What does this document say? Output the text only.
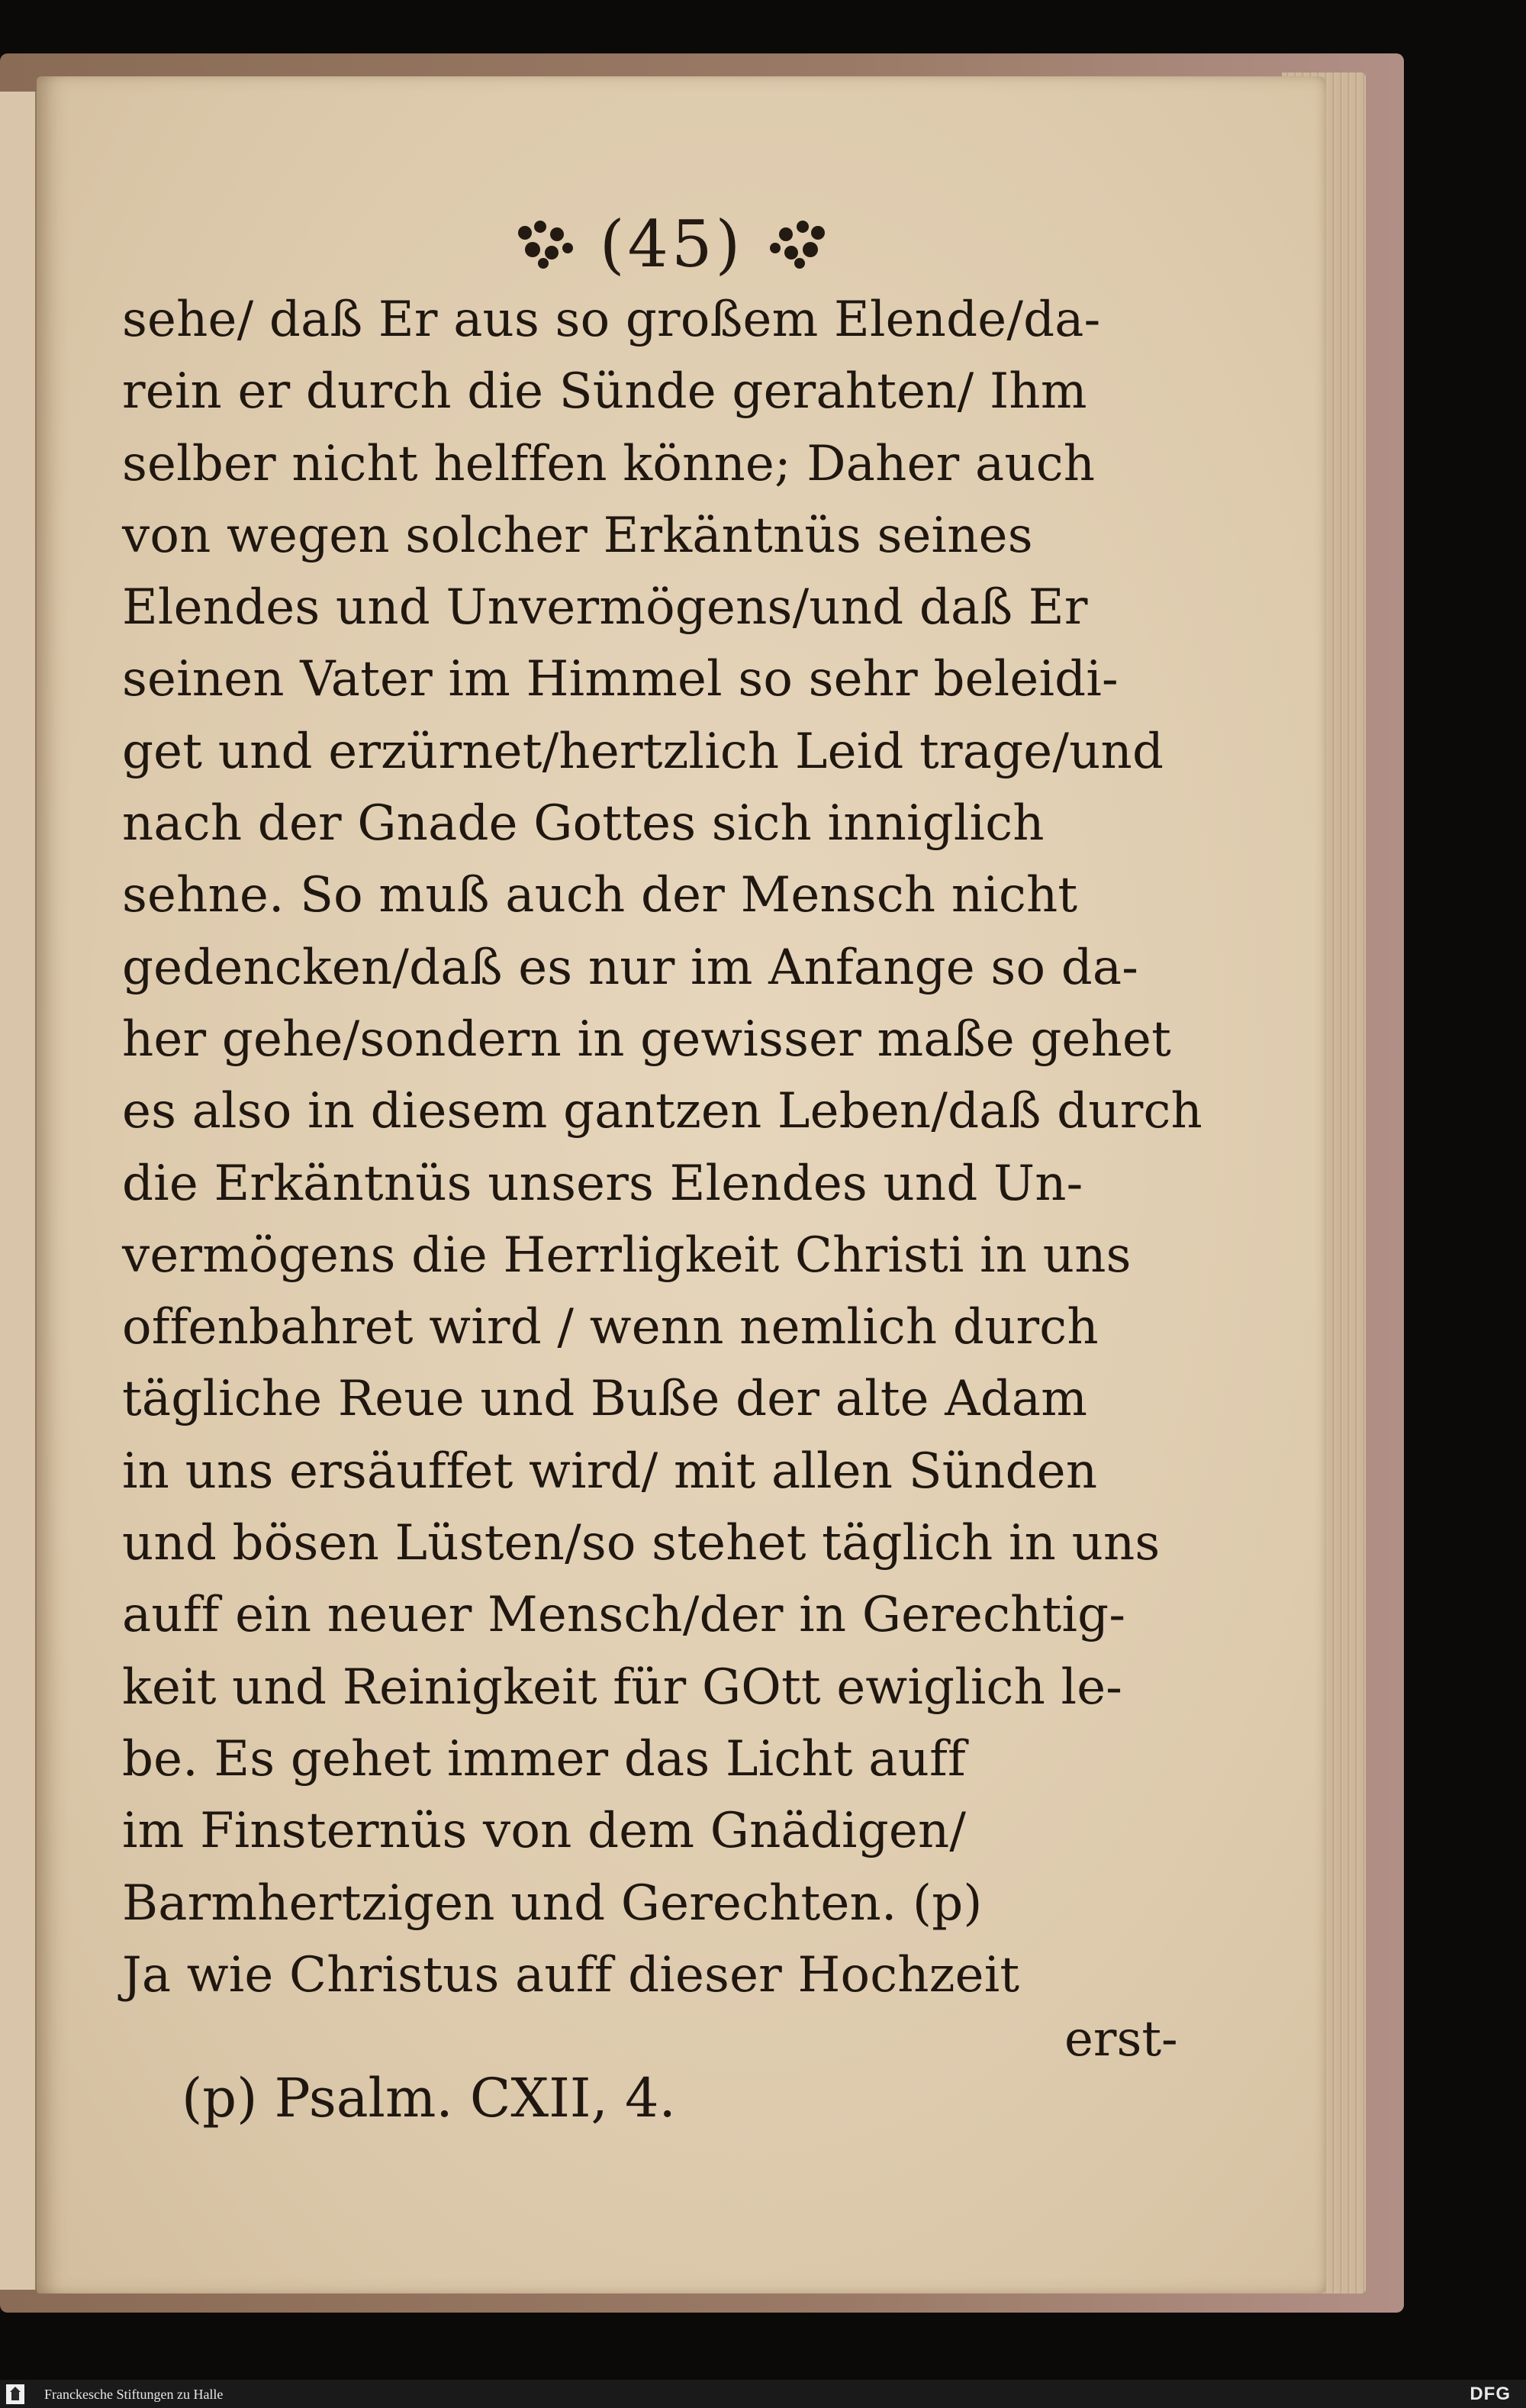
(45)
sehe/ daß Er aus so großem Elende/da-
rein er durch die Sünde gerahten/ Ihm
selber nicht helffen könne; Daher auch
von wegen solcher Erkäntnüs seines
Elendes und Unvermögens/und daß Er
seinen Vater im Himmel so sehr beleidi-
get und erzürnet/hertzlich Leid trage/und
nach der Gnade Gottes sich inniglich
sehne. So muß auch der Mensch nicht
gedencken/daß es nur im Anfange so da-
her gehe/sondern in gewisser maße gehet
es also in diesem gantzen Leben/daß durch
die Erkäntnüs unsers Elendes und Un-
vermögens die Herrligkeit Christi in uns
offenbahret wird / wenn nemlich durch
tägliche Reue und Buße der alte Adam
in uns ersäuffet wird/ mit allen Sünden
und bösen Lüsten/so stehet täglich in uns
auff ein neuer Mensch/der in Gerechtig-
keit und Reinigkeit für GOtt ewiglich le-
be. Es gehet immer das Licht auff
im Finsternüs von dem Gnädigen/
Barmhertzigen und Gerechten. (p)
Ja wie Christus auff dieser Hochzeit
erst-
(p) Psalm. CXII, 4.
Franckesche Stiftungen zu Halle	DFG
